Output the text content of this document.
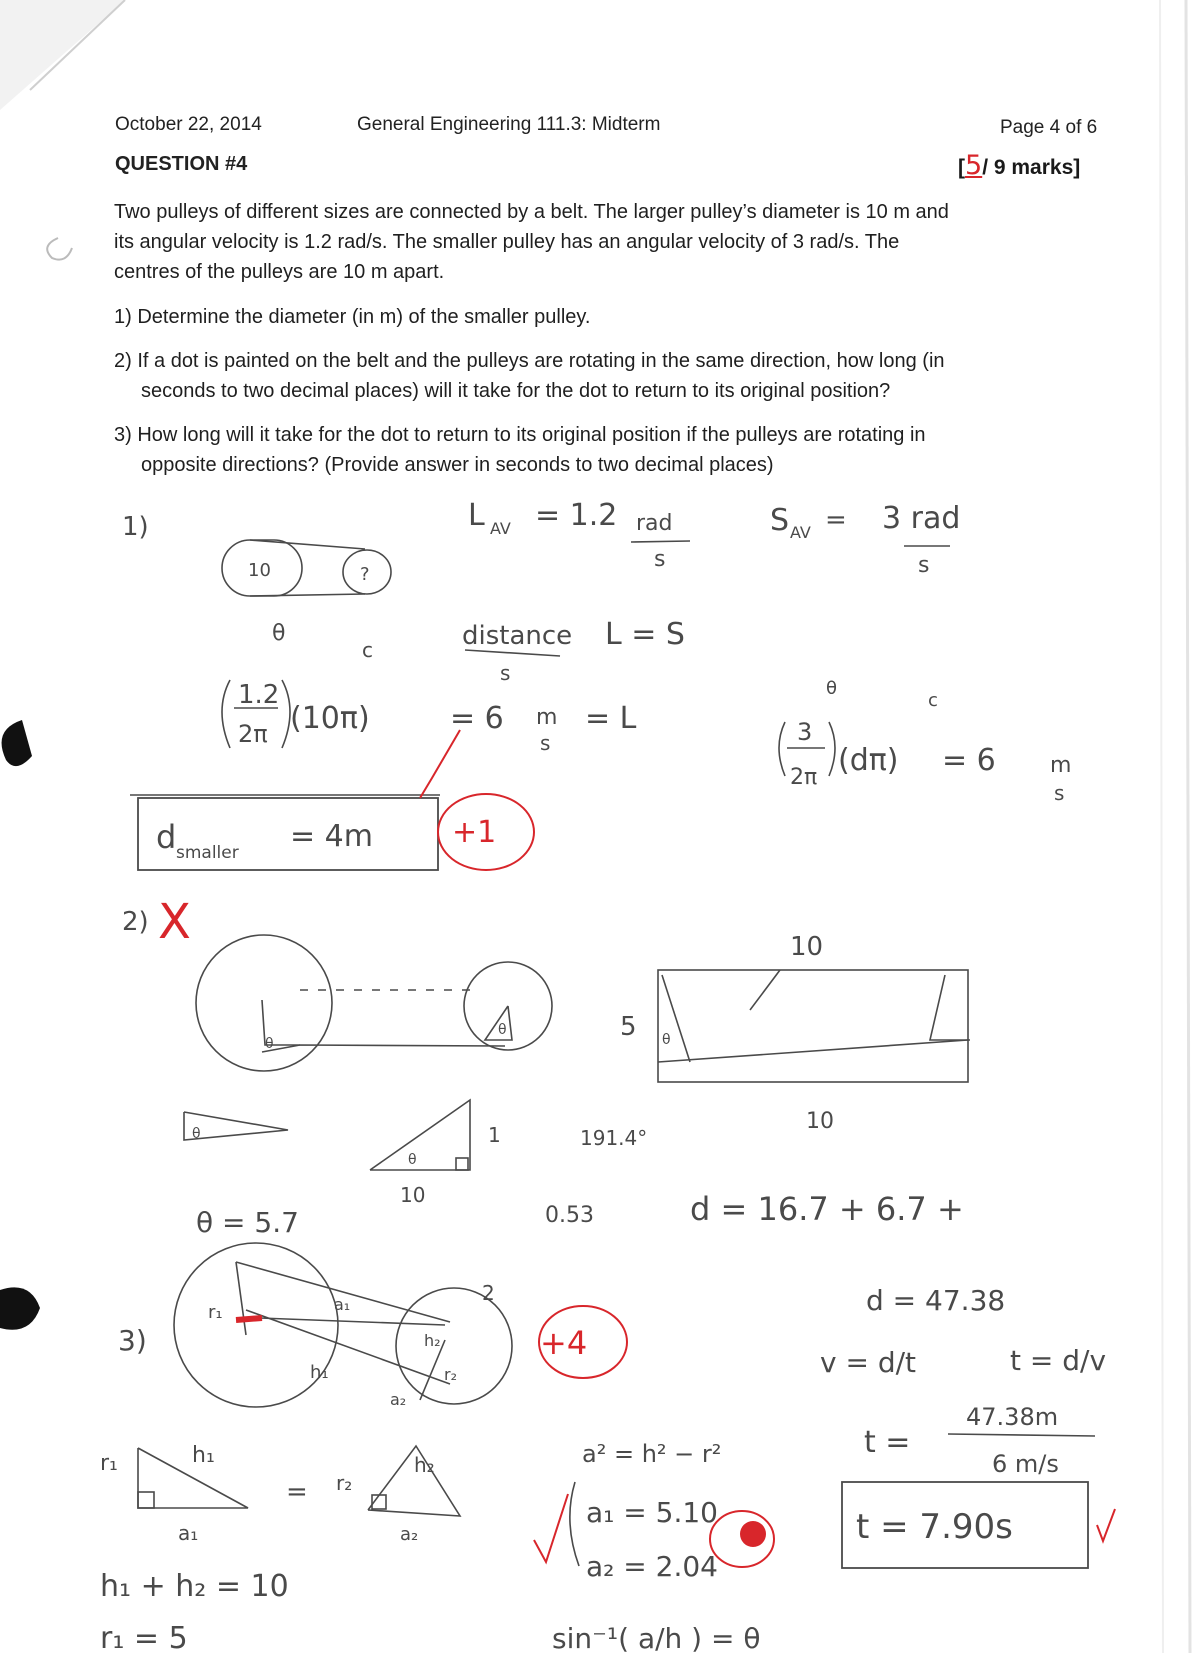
October 22, 2014	General Engineering 111.3: Midterm	Page 4 of 6
QUESTION #4	[5/ 9 marks]
Two pulleys of different sizes are connected by a belt. The larger pulley’s diameter is 10 m and
its angular velocity is 1.2 rad/s. The smaller pulley has an angular velocity of 3 rad/s. The
centres of the pulleys are 10 m apart.
1) Determine the diameter (in m) of the smaller pulley.
2) If a dot is painted on the belt and the pulleys are rotating in the same direction, how long (in
seconds to two decimal places) will it take for the dot to return to its original position?
3) How long will it take for the dot to return to its original position if the pulleys are rotating in
opposite directions? (Provide answer in seconds to two decimal places)
1)	L AV = 1.2 rad
s
S AV = 3 rad
s
10	?
θ
c	distance
s
L = S
1.2
2π (10π)	= 6 m
s
= L
θ
c
3
2π (dπ) = 6 m
s
d smaller = 4m	+1
2) X	10
5
10
191.4°
1
10
θ = 5.7	0.53	d = 16.7 + 6.7 +
θ
θ
θ
θ
θ
3)
r₁
h₁
h₂
r₂
a₁
a₂
2
+4
d = 47.38
v = d/t	t = d/v
47.38m
6 m/s
t =
t = 7.90s
a² = h² − r²
a₁ = 5.10
a₂ = 2.04
h₁ + h₂ = 10
r₁ = 5	sin⁻¹( a/h ) = θ
r₁	h₁
a₁
= r₂
h₂
a₂
